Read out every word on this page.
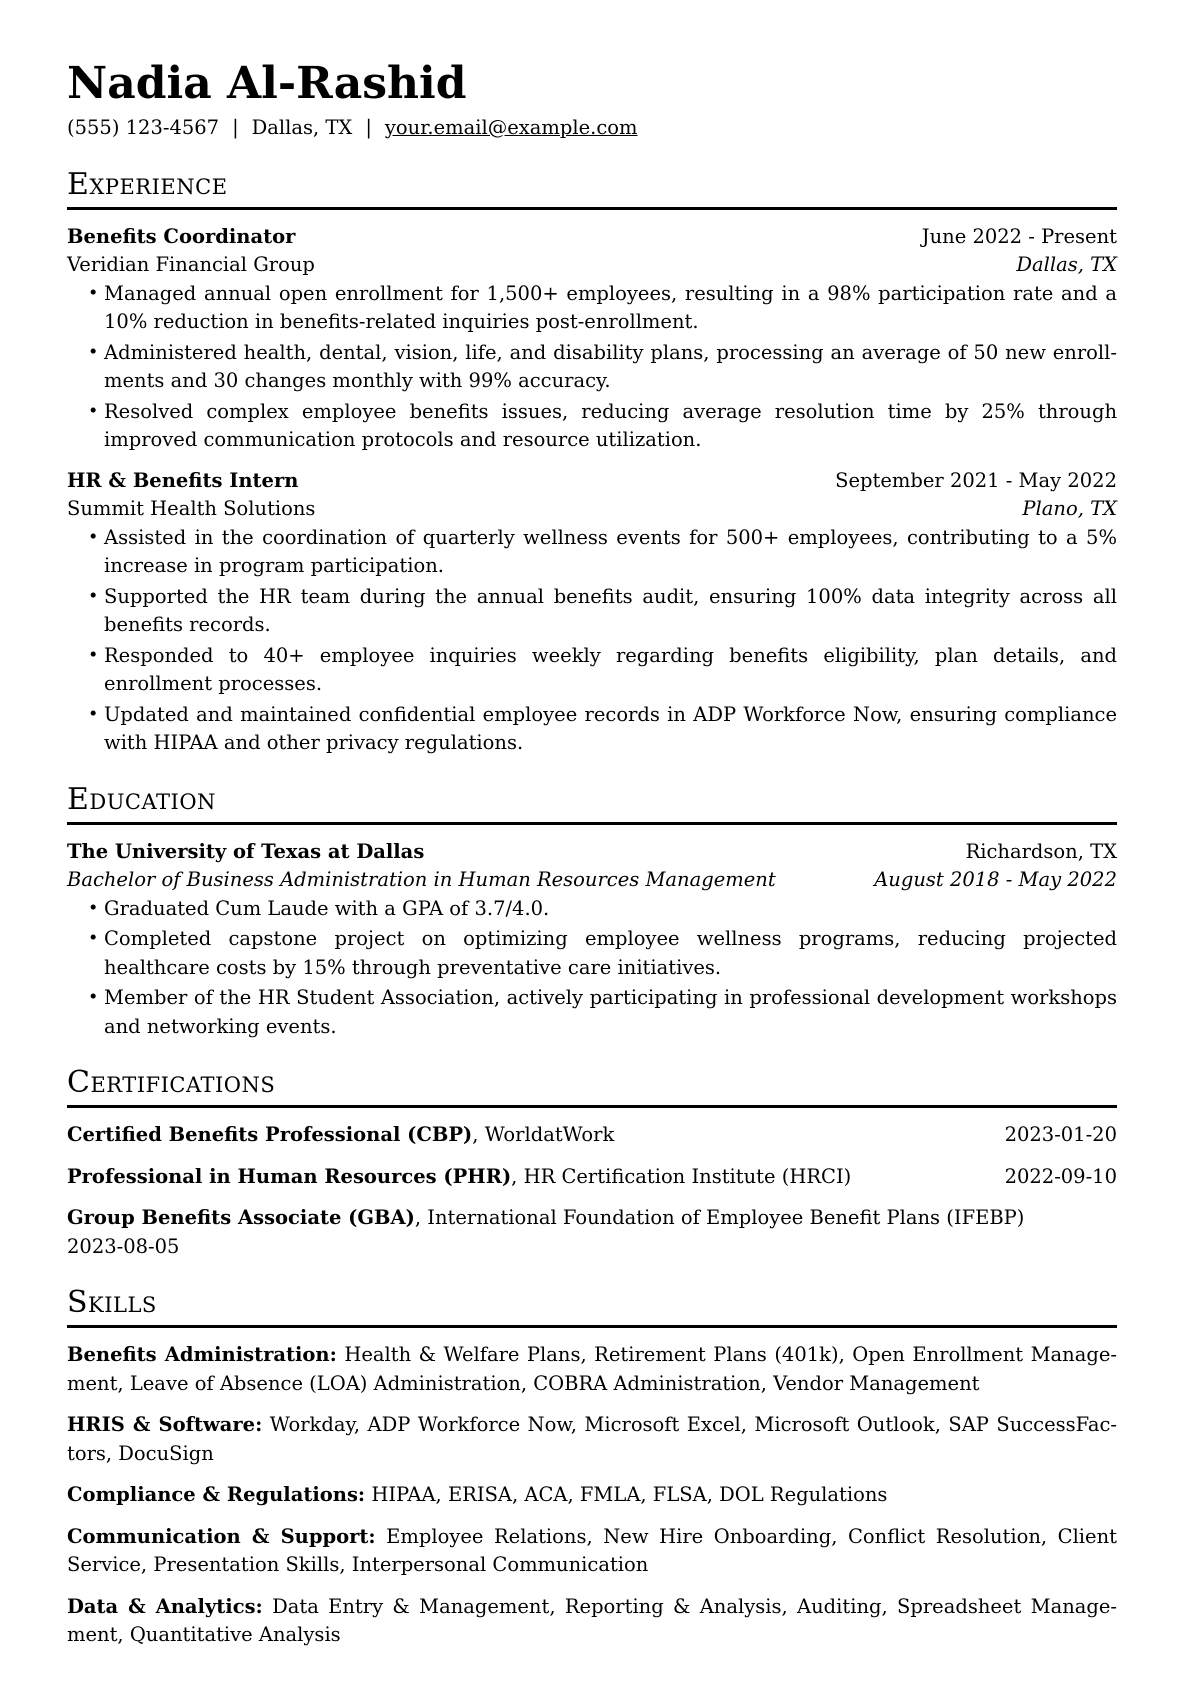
Nadia Al-Rashid
(555) 123-4567 | Dallas, TX | your.email@example.com
Experience
Benefits Coordinator	June 2022 - Present
Veridian Financial Group	Dallas, TX
• Managed annual open enrollment for 1,500+ employees, resulting in a 98% participation rate and a 10% reduction in benefits-related inquiries post-enrollment.
• Administered health, dental, vision, life, and disability plans, processing an average of 50 new enrollments and 30 changes monthly with 99% accuracy.
• Resolved complex employee benefits issues, reducing average resolution time by 25% through improved communication protocols and resource utilization.
HR & Benefits Intern	September 2021 - May 2022
Summit Health Solutions	Plano, TX
• Assisted in the coordination of quarterly wellness events for 500+ employees, contributing to a 5% increase in program participation.
• Supported the HR team during the annual benefits audit, ensuring 100% data integrity across all benefits records.
• Responded to 40+ employee inquiries weekly regarding benefits eligibility, plan details, and enrollment processes.
• Updated and maintained confidential employee records in ADP Workforce Now, ensuring compliance with HIPAA and other privacy regulations.
Education
The University of Texas at Dallas	Richardson, TX
Bachelor of Business Administration in Human Resources Management	August 2018 - May 2022
• Graduated Cum Laude with a GPA of 3.7/4.0.
• Completed capstone project on optimizing employee wellness programs, reducing projected healthcare costs by 15% through preventative care initiatives.
• Member of the HR Student Association, actively participating in professional development workshops and networking events.
Certifications
Certified Benefits Professional (CBP), WorldatWork	2023-01-20
Professional in Human Resources (PHR), HR Certification Institute (HRCI)	2022-09-10
Group Benefits Associate (GBA), International Foundation of Employee Benefit Plans (IFEBP)
2023-08-05
Skills

Benefits Administration: Health & Welfare Plans, Retirement Plans (401k), Open Enrollment Management, Leave of Absence (LOA) Administration, COBRA Administration, Vendor Management

HRIS & Software: Workday, ADP Workforce Now, Microsoft Excel, Microsoft Outlook, SAP SuccessFactors, DocuSign

Compliance & Regulations: HIPAA, ERISA, ACA, FMLA, FLSA, DOL Regulations

Communication & Support: Employee Relations, New Hire Onboarding, Conflict Resolution, Client Service, Presentation Skills, Interpersonal Communication

Data & Analytics: Data Entry & Management, Reporting & Analysis, Auditing, Spreadsheet Management, Quantitative Analysis
